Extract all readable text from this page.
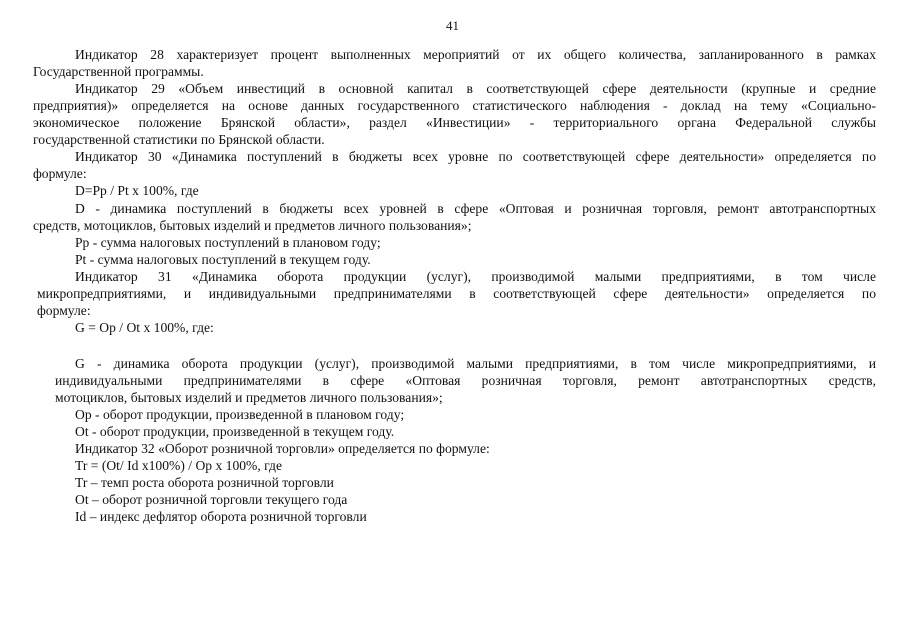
41
Индикатор 28 характеризует процент выполненных мероприятий от их общего количества, запланированного в рамках
Государственной программы.
Индикатор 29 «Объем инвестиций в основной капитал в соответствующей сфере деятельности (крупные и средние
предприятия)» определяется на основе данных государственного статистического наблюдения - доклад на тему «Социально-
экономическое положение Брянской области», раздел «Инвестиции» - территориального органа Федеральной службы
государственной статистики по Брянской области.
Индикатор 30 «Динамика поступлений в бюджеты всех уровне по соответствующей сфере деятельности» определяется по
формуле:
D=Pp / Pt x 100%, где
D - динамика поступлений в бюджеты всех уровней в сфере «Оптовая и розничная торговля, ремонт автотранспортных
средств, мотоциклов, бытовых изделий и предметов личного пользования»;
Pp - сумма налоговых поступлений в плановом году;
Pt - сумма налоговых поступлений в текущем году.
Индикатор 31 «Динамика оборота продукции (услуг), производимой малыми предприятиями, в том числе
микропредприятиями, и индивидуальными предпринимателями в соответствующей сфере деятельности» определяется по
формуле:
G = Op / Ot x 100%, где:
G - динамика оборота продукции (услуг), производимой малыми предприятиями, в том числе микропредприятиями, и
индивидуальными предпринимателями в сфере «Оптовая розничная торговля, ремонт автотранспортных средств,
мотоциклов, бытовых изделий и предметов личного пользования»;
Op - оборот продукции, произведенной в плановом году;
Ot - оборот продукции, произведенной в текущем году.
Индикатор 32 «Оборот розничной торговли» определяется по формуле:
Tr = (Ot/ Id x100%) / Op x 100%, где
Tr – темп роста оборота розничной торговли
Ot – оборот розничной торговли текущего года
Id – индекс дефлятор оборота розничной торговли
